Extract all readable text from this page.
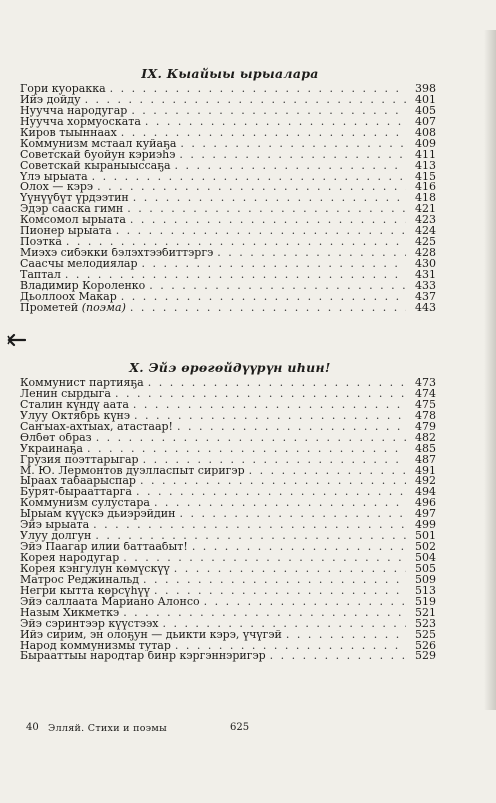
IX. Кыайыы ырыалара
Гори куоракка . . .	398
Ийэ дойду . . .	401
Нуучча народугар . . .	405
Нуучча хормуоската . . .	407
Киров тыыннаах . . .	408
Коммунизм мстаал куйаҕа . . .	409
Советскай буойун кэриэһэ . . .	411
Советскай кыраныыссаҕа . . .	413
Үлэ ырыата . . .	415
Олох — кэрэ . . .	416
Үүнүүбүт үрдээтин . . .	418
Эдэр сааска гимн . . .	421
Комсомол ырыата . . .	423
Пионер ырыата . . .	424
Поэтка . . .	425
Миэхэ сибэкки бэлэхтээбиттэргэ . . .	428
Саасчы мелодиялар . . .	430
Таптал . . .	431
Владимир Короленко . . .	433
Дьоллоох Макар . . .	437
Прометей (поэма) . . .	443
X. Эйэ өрөгөйдүүрүн иһин!
Коммунист партияҕа . . .	473
Ленин сырдыга . . .	474
Сталин күндү аата . . .	475
Улуу Октябрь күнэ . . .	478
Саҥыах-ахтыах, атастаар! . . .	479
Өлбөт образ . . .	482
Украинаҕа . . .	485
Грузия поэттарыгар . . .	487
М. Ю. Лермонтов дуэлласпыт сиригэр . . .	491
Ырaах табаарыспар . . .	492
Бурят-бырааттарга . . .	494
Коммунизм сулустара . . .	496
Ырыам күүскэ дьиэрэйдин . . .	497
Эйэ ырыата . . .	499
Улуу долгун . . .	501
Эйэ Паагар илии баттаабыт! . . .	502
Корея народугар . . .	504
Корея кэнгулун көмүскүү . . .	505
Матрос Реджинальд . . .	509
Негри кытта көрсүһүү . . .	513
Эйэ саллаата Мариано Алонсо . . .	519
Назым Хикметкэ . . .	521
Эйэ сэринтээр күүстээх . . .	523
Ийэ сирим, эн олоҕун — дьикти кэрэ, үчүгэй . . .	525
Народ коммунизмы тутар . . .	526
Бырааттыы народтар бинр кэргэннэригэр . . .	529
40 Элляй. Стихи и поэмы	625
